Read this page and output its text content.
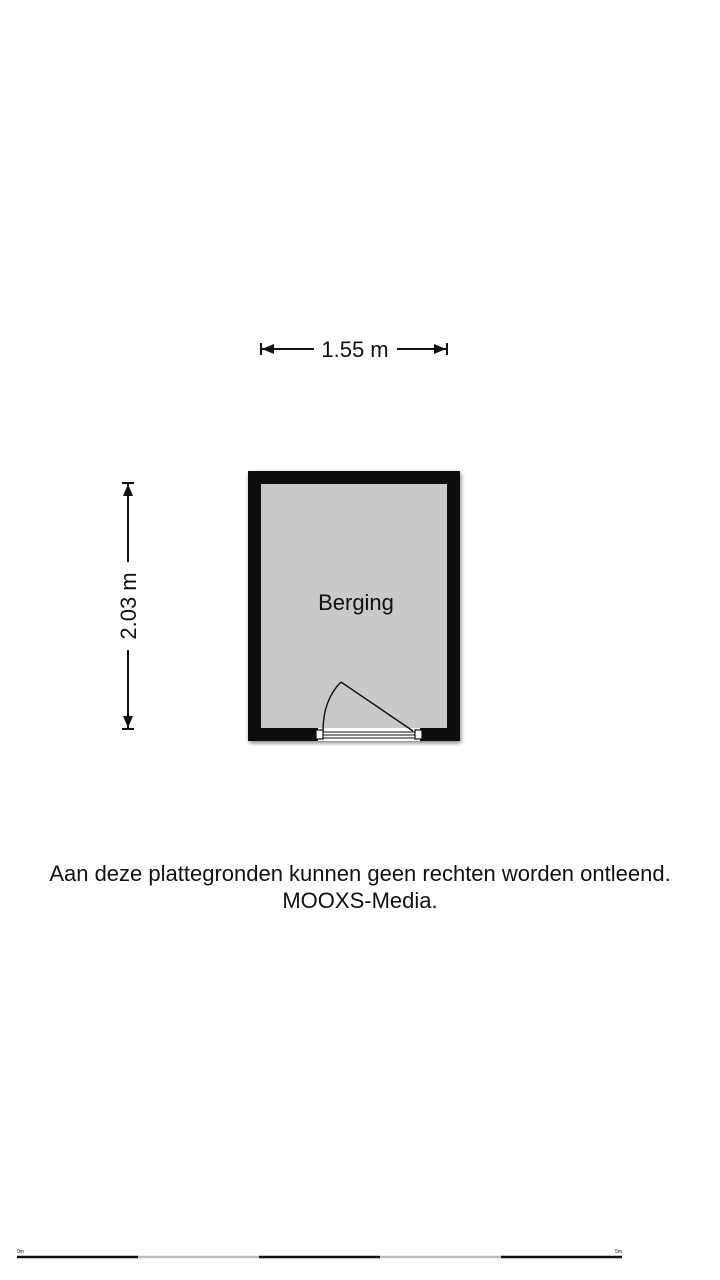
1.55 m
2.03 m	Berging
0m	5m
Aan deze plattegronden kunnen geen rechten worden ontleend.
MOOXS-Media.
